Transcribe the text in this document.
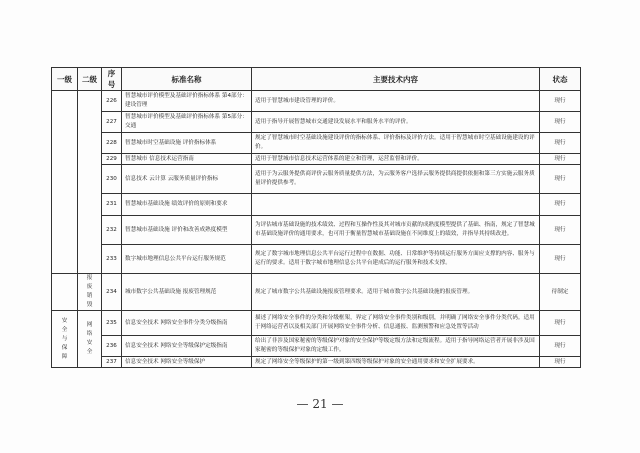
一级	二级	序号	标准名称	主要技术内容	状态
		226	智慧城市评价模型及基础评价指标体系 第4部分：建设管理	适用于智慧城市建设管理的评价。	现行
		227	智慧城市评价模型及基础评价指标体系 第5部分：交通	适用于指导开展智慧城市交通建设发展水平和服务水平的评价。	现行
		228	智慧城市时空基础设施 评价指标体系	规定了智慧城市时空基础设施建设评价的指标体系、评价指标及评价方法。适用于智慧城市时空基础设施建设的评价。	现行
		229	智慧城市 信息技术运营指南	适用于智慧城市信息技术运营体系的建立和管理，运营监督和评价。	现行
		230	信息技术 云计算 云服务质量评价指标	适用于为云服务提供商评价云服务质量提供方法，为云服务客户选择云服务提供商提供依据和第三方实施云服务质量评价提供参考。	现行
		231	智慧城市基础设施 绩效评价的原则和要求		现行
		232	智慧城市基础设施 评价和改善成熟度模型	为评估城市基础设施的技术绩效、过程和互操作性及其对城市贡献的成熟度模型提供了基础、指南，规定了智慧城市基础设施评价的通用要求，也可用于衡量智慧城市基础设施在不同维度上的绩效，并指导其持续改进。	现行
		233	数字城市地理信息公共平台运行服务规范	规定了数字城市地理信息公共平台运行过程中在数据、功能、日常维护等持续运行服务方面应支撑的内容、服务与运行的要求。适用于数字城市地理信息公共平台建成后的运行服务和技术支撑。	现行
	报废销毁	234	城市数字公共基础设施 报废管理规范	规定了城市数字公共基础设施报废管理要求。适用于城市数字公共基础设施的报废管理。	待制定
安全与保障	网络安全	235	信息安全技术 网络安全事件分类分级指南	描述了网络安全事件的分类和分级框架，界定了网络安全事件类别和级别，并明确了网络安全事件分类代码。适用于网络运营者以及相关部门开展网络安全事件分析、信息通报、监测预警和应急处置等活动	现行
		236	信息安全技术 网络安全等级保护定级指南	给出了非涉及国家秘密的等级保护对象的安全保护等级定级方法和定级流程。适用于指导网络运营者开展非涉及国家秘密的等级保护对象的定级工作。	现行
		237	信息安全技术 网络安全等级保护	规定了网络安全等级保护的第一级到第四级等级保护对象的安全通用要求和安全扩展要求。	现行
— 21 —
